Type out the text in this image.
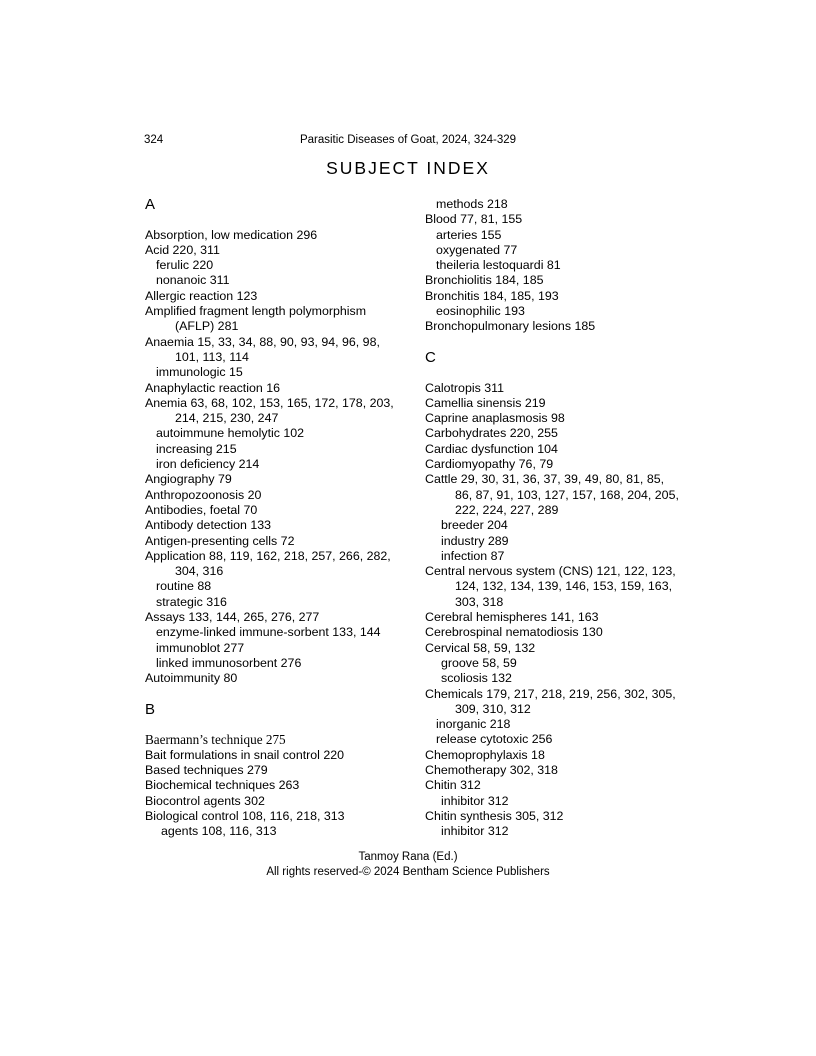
324	Parasitic Diseases of Goat, 2024, 324-329
SUBJECT INDEX
A
Absorption, low medication 296
Acid 220, 311
ferulic 220
nonanoic 311
Allergic reaction 123
Amplified fragment length polymorphism
(AFLP) 281
Anaemia 15, 33, 34, 88, 90, 93, 94, 96, 98,
101, 113, 114
immunologic 15
Anaphylactic reaction 16
Anemia 63, 68, 102, 153, 165, 172, 178, 203,
214, 215, 230, 247
autoimmune hemolytic 102
increasing 215
iron deficiency 214
Angiography 79
Anthropozoonosis 20
Antibodies, foetal 70
Antibody detection 133
Antigen-presenting cells 72
Application 88, 119, 162, 218, 257, 266, 282,
304, 316
routine 88
strategic 316
Assays 133, 144, 265, 276, 277
enzyme-linked immune-sorbent 133, 144
immunoblot 277
linked immunosorbent 276
Autoimmunity 80
B
Baermann’s technique 275
Bait formulations in snail control 220
Based techniques 279
Biochemical techniques 263
Biocontrol agents 302
Biological control 108, 116, 218, 313
agents 108, 116, 313
methods 218
Blood 77, 81, 155
arteries 155
oxygenated 77
theileria lestoquardi 81
Bronchiolitis 184, 185
Bronchitis 184, 185, 193
eosinophilic 193
Bronchopulmonary lesions 185
C
Calotropis 311
Camellia sinensis 219
Caprine anaplasmosis 98
Carbohydrates 220, 255
Cardiac dysfunction 104
Cardiomyopathy 76, 79
Cattle 29, 30, 31, 36, 37, 39, 49, 80, 81, 85,
86, 87, 91, 103, 127, 157, 168, 204, 205,
222, 224, 227, 289
breeder 204
industry 289
infection 87
Central nervous system (CNS) 121, 122, 123,
124, 132, 134, 139, 146, 153, 159, 163,
303, 318
Cerebral hemispheres 141, 163
Cerebrospinal nematodiosis 130
Cervical 58, 59, 132
groove 58, 59
scoliosis 132
Chemicals 179, 217, 218, 219, 256, 302, 305,
309, 310, 312
inorganic 218
release cytotoxic 256
Chemoprophylaxis 18
Chemotherapy 302, 318
Chitin 312
inhibitor 312
Chitin synthesis 305, 312
inhibitor 312
Tanmoy Rana (Ed.)
All rights reserved-© 2024 Bentham Science Publishers
